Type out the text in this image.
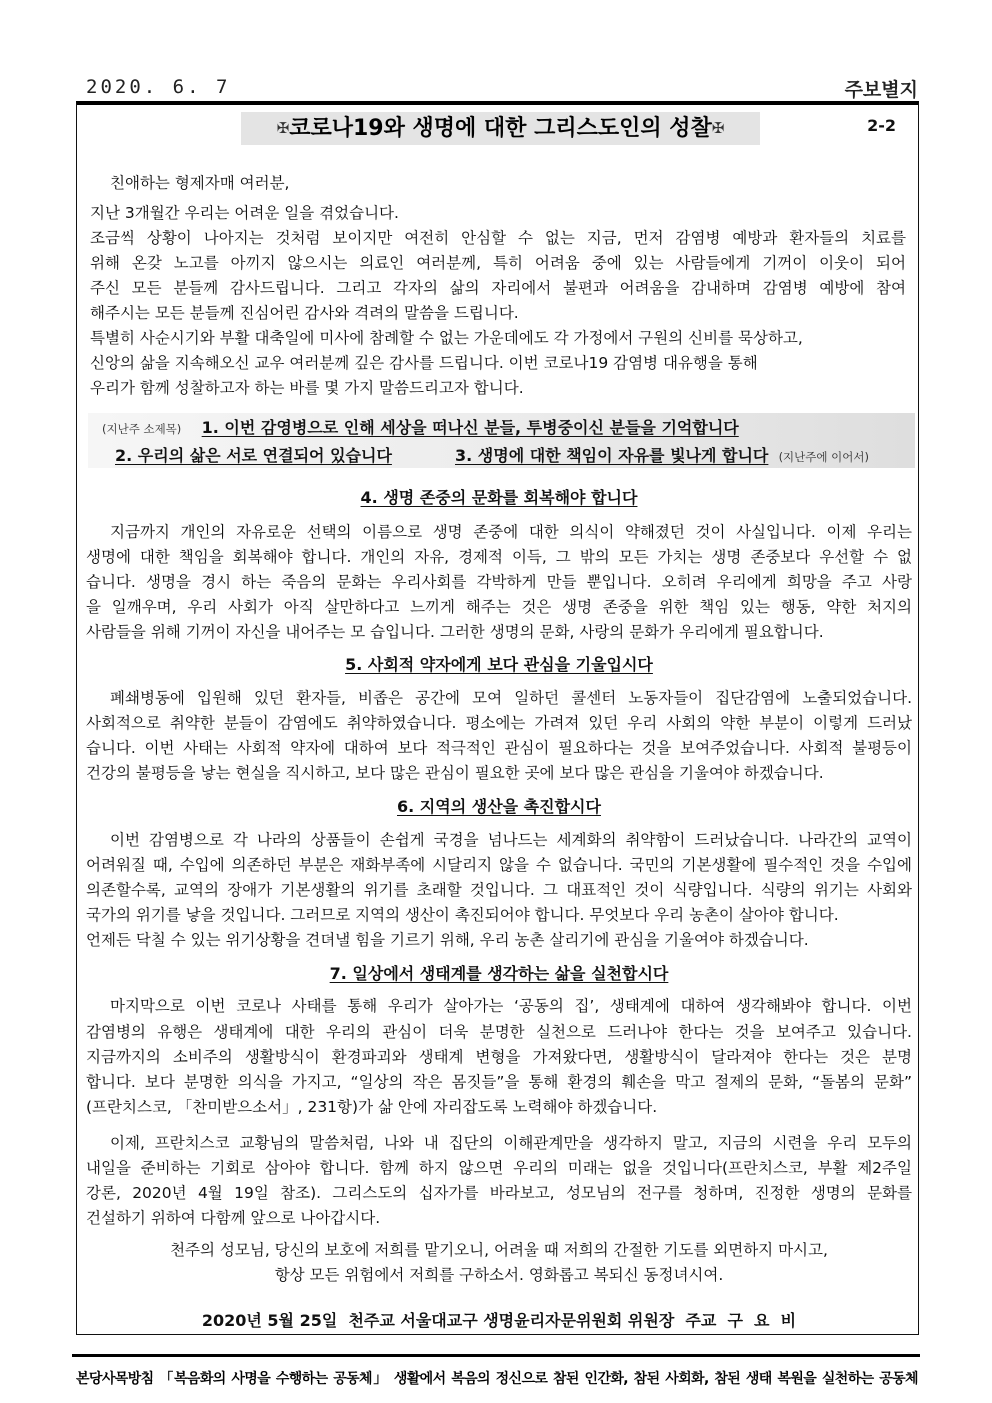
2020. 6. 7	주보별지
✠코로나19와 생명에 대한 그리스도인의 성찰✠	2-2
친애하는 형제자매 여러분,
지난 3개월간 우리는 어려운 일을 겪었습니다.
조금씩 상황이 나아지는 것처럼 보이지만 여전히 안심할 수 없는 지금, 먼저 감염병 예방과 환자들의 치료를
위해 온갖 노고를 아끼지 않으시는 의료인 여러분께, 특히 어려움 중에 있는 사람들에게 기꺼이 이웃이 되어
주신 모든 분들께 감사드립니다. 그리고 각자의 삶의 자리에서 불편과 어려움을 감내하며 감염병 예방에 참여
해주시는 모든 분들께 진심어린 감사와 격려의 말씀을 드립니다.
특별히 사순시기와 부활 대축일에 미사에 참례할 수 없는 가운데에도 각 가정에서 구원의 신비를 묵상하고,
신앙의 삶을 지속해오신 교우 여러분께 깊은 감사를 드립니다. 이번 코로나19 감염병 대유행을 통해
우리가 함께 성찰하고자 하는 바를 몇 가지 말씀드리고자 합니다.
(지난주 소제목) 1. 이번 감영병으로 인해 세상을 떠나신 분들, 투병중이신 분들을 기억합니다
2. 우리의 삶은 서로 연결되어 있습니다	3. 생명에 대한 책임이 자유를 빛나게 합니다 (지난주에 이어서)
4. 생명 존중의 문화를 회복해야 합니다
지금까지 개인의 자유로운 선택의 이름으로 생명 존중에 대한 의식이 약해졌던 것이 사실입니다. 이제 우리는
생명에 대한 책임을 회복해야 합니다. 개인의 자유, 경제적 이득, 그 밖의 모든 가치는 생명 존중보다 우선할 수 없
습니다. 생명을 경시 하는 죽음의 문화는 우리사회를 각박하게 만들 뿐입니다. 오히려 우리에게 희망을 주고 사랑
을 일깨우며, 우리 사회가 아직 살만하다고 느끼게 해주는 것은 생명 존중을 위한 책임 있는 행동, 약한 처지의
사람들을 위해 기꺼이 자신을 내어주는 모 습입니다. 그러한 생명의 문화, 사랑의 문화가 우리에게 필요합니다.
5. 사회적 약자에게 보다 관심을 기울입시다
폐쇄병동에 입원해 있던 환자들, 비좁은 공간에 모여 일하던 콜센터 노동자들이 집단감염에 노출되었습니다.
사회적으로 취약한 분들이 감염에도 취약하였습니다. 평소에는 가려져 있던 우리 사회의 약한 부분이 이렇게 드러났
습니다. 이번 사태는 사회적 약자에 대하여 보다 적극적인 관심이 필요하다는 것을 보여주었습니다. 사회적 불평등이
건강의 불평등을 낳는 현실을 직시하고, 보다 많은 관심이 필요한 곳에 보다 많은 관심을 기울여야 하겠습니다.
6. 지역의 생산을 촉진합시다
이번 감염병으로 각 나라의 상품들이 손쉽게 국경을 넘나드는 세계화의 취약함이 드러났습니다. 나라간의 교역이
어려워질 때, 수입에 의존하던 부분은 재화부족에 시달리지 않을 수 없습니다. 국민의 기본생활에 필수적인 것을 수입에
의존할수록, 교역의 장애가 기본생활의 위기를 초래할 것입니다. 그 대표적인 것이 식량입니다. 식량의 위기는 사회와
국가의 위기를 낳을 것입니다. 그러므로 지역의 생산이 촉진되어야 합니다. 무엇보다 우리 농촌이 살아야 합니다.
언제든 닥칠 수 있는 위기상황을 견뎌낼 힘을 기르기 위해, 우리 농촌 살리기에 관심을 기울여야 하겠습니다.
7. 일상에서 생태계를 생각하는 삶을 실천합시다
마지막으로 이번 코로나 사태를 통해 우리가 살아가는 ‘공동의 집’, 생태계에 대하여 생각해봐야 합니다. 이번
감염병의 유행은 생태계에 대한 우리의 관심이 더욱 분명한 실천으로 드러나야 한다는 것을 보여주고 있습니다.
지금까지의 소비주의 생활방식이 환경파괴와 생태계 변형을 가져왔다면, 생활방식이 달라져야 한다는 것은 분명
합니다. 보다 분명한 의식을 가지고, “일상의 작은 몸짓들”을 통해 환경의 훼손을 막고 절제의 문화, “돌봄의 문화”
(프란치스코, 「찬미받으소서」, 231항)가 삶 안에 자리잡도록 노력해야 하겠습니다.
이제, 프란치스코 교황님의 말씀처럼, 나와 내 집단의 이해관계만을 생각하지 말고, 지금의 시련을 우리 모두의
내일을 준비하는 기회로 삼아야 합니다. 함께 하지 않으면 우리의 미래는 없을 것입니다(프란치스코, 부활 제2주일
강론, 2020년 4월 19일 참조). 그리스도의 십자가를 바라보고, 성모님의 전구를 청하며, 진정한 생명의 문화를
건설하기 위하여 다함께 앞으로 나아갑시다.
천주의 성모님, 당신의 보호에 저희를 맡기오니, 어려울 때 저희의 간절한 기도를 외면하지 마시고,
항상 모든 위험에서 저희를 구하소서. 영화롭고 복되신 동정녀시여.
2020년 5월 25일  천주교 서울대교구 생명윤리자문위원회 위원장  주교  구  요  비
본당사목방침 「복음화의 사명을 수행하는 공동체」 생활에서 복음의 정신으로 참된 인간화, 참된 사회화, 참된 생태 복원을 실천하는 공동체
